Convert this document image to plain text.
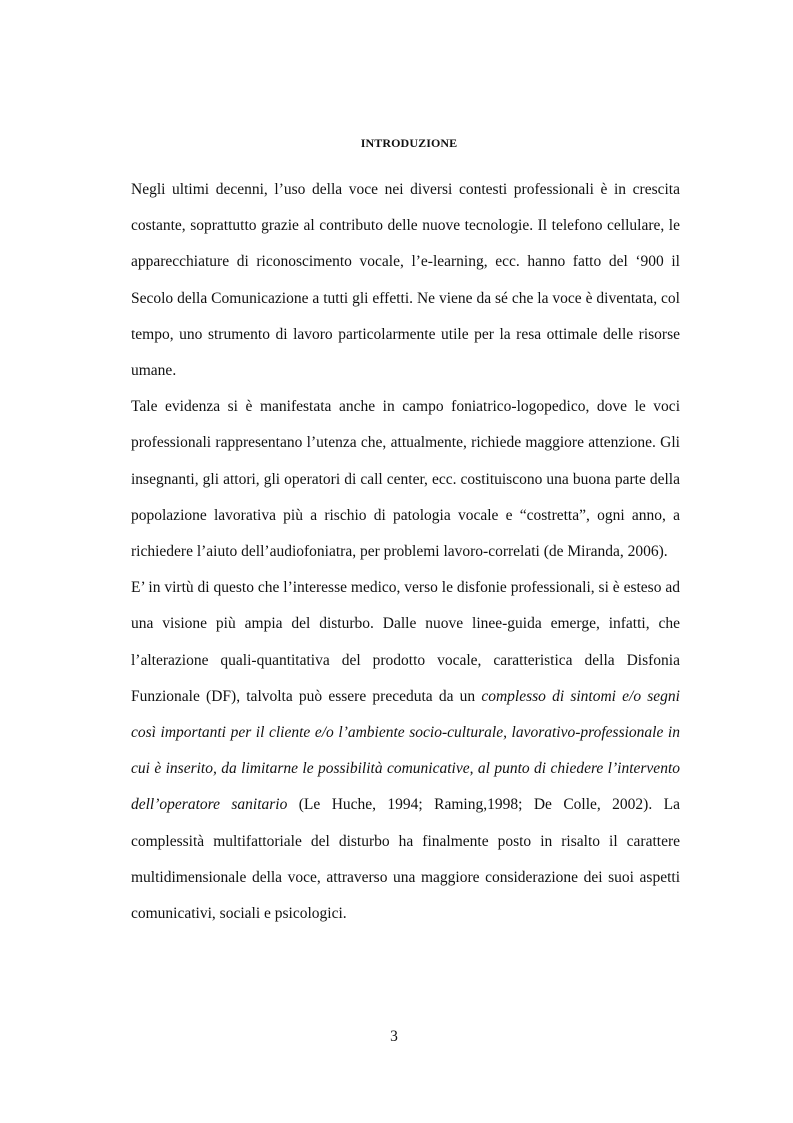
INTRODUZIONE

Negli ultimi decenni, l’uso della voce nei diversi contesti professionali è in crescita costante, soprattutto grazie al contributo delle nuove tecnologie. Il telefono cellulare, le apparecchiature di riconoscimento vocale, l’e-learning, ecc. hanno fatto del ‘900 il Secolo della Comunicazione a tutti gli effetti. Ne viene da sé che la voce è diventata, col tempo, uno strumento di lavoro particolarmente utile per la resa ottimale delle risorse umane.

Tale evidenza si è manifestata anche in campo foniatrico-logopedico, dove le voci professionali rappresentano l’utenza che, attualmente, richiede maggiore attenzione. Gli insegnanti, gli attori, gli operatori di call center, ecc. costituiscono una buona parte della popolazione lavorativa più a rischio di patologia vocale e “costretta”, ogni anno, a richiedere l’aiuto dell’audiofoniatra, per problemi lavoro-correlati (de Miranda, 2006).

E’ in virtù di questo che l’interesse medico, verso le disfonie professionali, si è esteso ad una visione più ampia del disturbo. Dalle nuove linee-guida emerge, infatti, che l’alterazione quali-quantitativa del prodotto vocale, caratteristica della Disfonia Funzionale (DF), talvolta può essere preceduta da un complesso di sintomi e/o segni così importanti per il cliente e/o l’ambiente socio-culturale, lavorativo-professionale in cui è inserito, da limitarne le possibilità comunicative, al punto di chiedere l’intervento dell’operatore sanitario (Le Huche, 1994; Raming,1998; De Colle, 2002). La complessità multifattoriale del disturbo ha finalmente posto in risalto il carattere multidimensionale della voce, attraverso una maggiore considerazione dei suoi aspetti comunicativi, sociali e psicologici.

3
